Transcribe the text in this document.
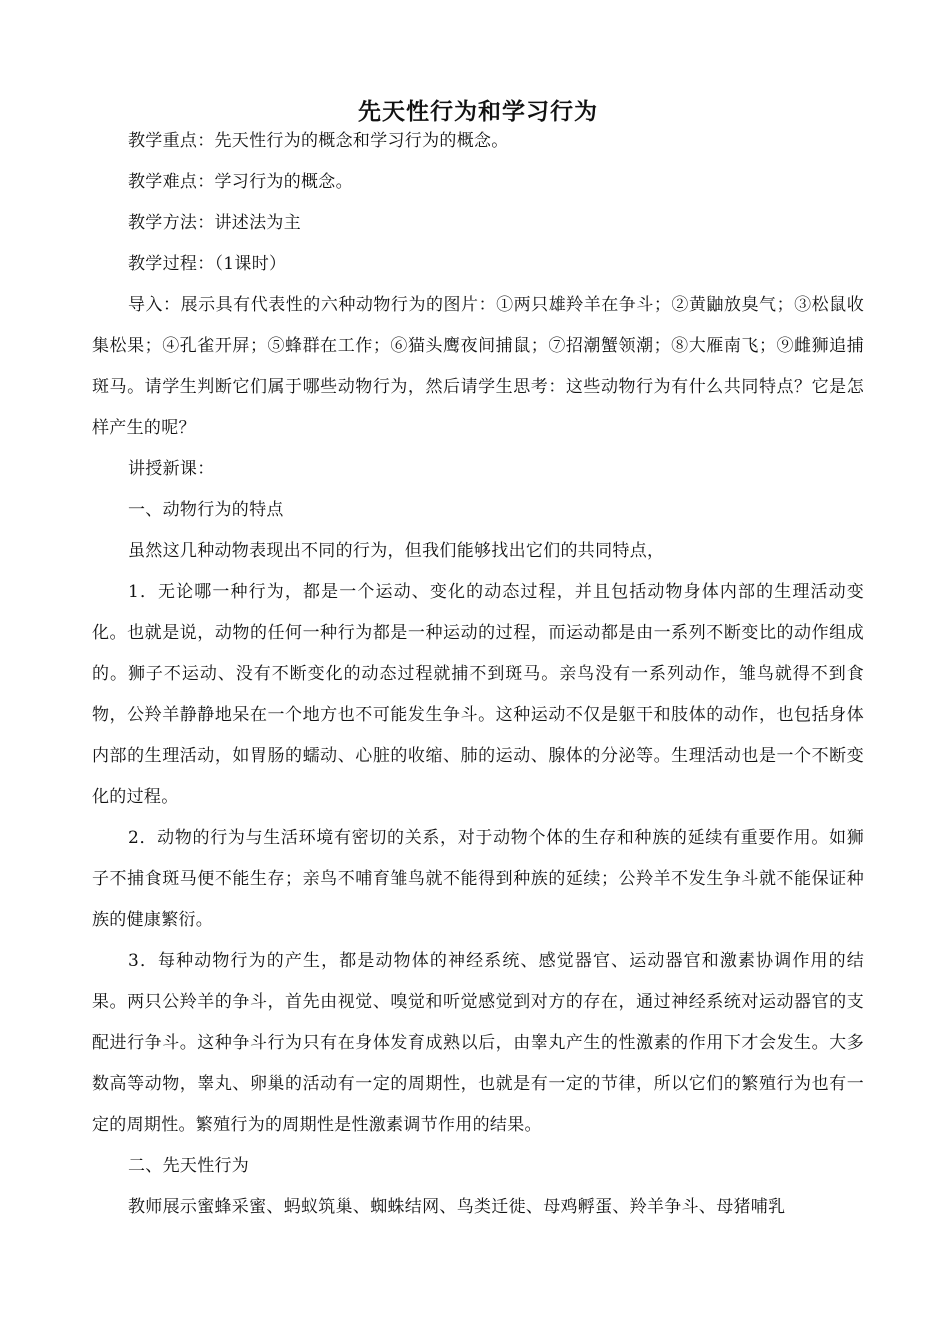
先天性行为和学习行为

教学重点：先天性行为的概念和学习行为的概念。

教学难点：学习行为的概念。

教学方法：讲述法为主

教学过程：（1课时）

导入：展示具有代表性的六种动物行为的图片：①两只雄羚羊在争斗；②黄鼬放臭气；③松鼠收集松果；④孔雀开屏；⑤蜂群在工作；⑥猫头鹰夜间捕鼠；⑦招潮蟹领潮；⑧大雁南飞；⑨雌狮追捕斑马。请学生判断它们属于哪些动物行为，然后请学生思考：这些动物行为有什么共同特点？它是怎样产生的呢？

讲授新课：

一、动物行为的特点

虽然这几种动物表现出不同的行为，但我们能够找出它们的共同特点，

1．无论哪一种行为，都是一个运动、变化的动态过程，并且包括动物身体内部的生理活动变化。也就是说，动物的任何一种行为都是一种运动的过程，而运动都是由一系列不断变比的动作组成的。狮子不运动、没有不断变化的动态过程就捕不到斑马。亲鸟没有一系列动作，雏鸟就得不到食物，公羚羊静静地呆在一个地方也不可能发生争斗。这种运动不仅是躯干和肢体的动作，也包括身体内部的生理活动，如胃肠的蠕动、心脏的收缩、肺的运动、腺体的分泌等。生理活动也是一个不断变化的过程。

2．动物的行为与生活环境有密切的关系，对于动物个体的生存和种族的延续有重要作用。如狮子不捕食斑马便不能生存；亲鸟不哺育雏鸟就不能得到种族的延续；公羚羊不发生争斗就不能保证种族的健康繁衍。

3．每种动物行为的产生，都是动物体的神经系统、感觉器官、运动器官和激素协调作用的结果。两只公羚羊的争斗，首先由视觉、嗅觉和听觉感觉到对方的存在，通过神经系统对运动器官的支配进行争斗。这种争斗行为只有在身体发育成熟以后，由睾丸产生的性激素的作用下才会发生。大多数高等动物，睾丸、卵巢的活动有一定的周期性，也就是有一定的节律，所以它们的繁殖行为也有一定的周期性。繁殖行为的周期性是性激素调节作用的结果。

二、先天性行为

教师展示蜜蜂采蜜、蚂蚁筑巢、蜘蛛结网、鸟类迁徙、母鸡孵蛋、羚羊争斗、母猪哺乳
